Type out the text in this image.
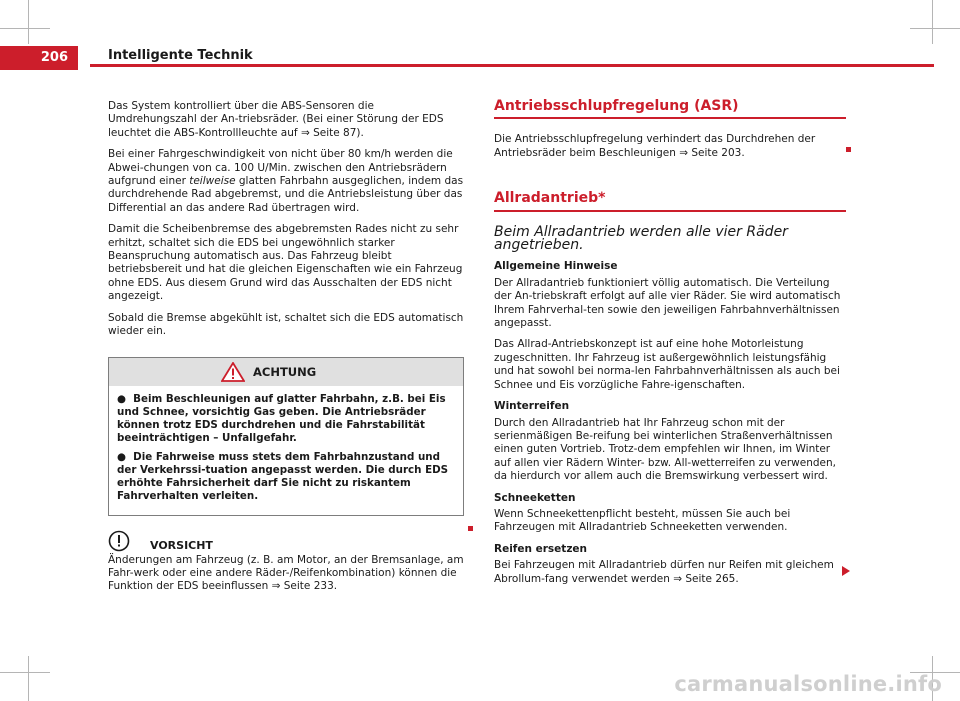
206	Intelligente Technik

Das System kontrolliert über die ABS-Sensoren die Umdrehungszahl der An-triebsräder. (Bei einer Störung der EDS leuchtet die ABS-Kontrollleuchte auf ⇒ Seite 87).

Bei einer Fahrgeschwindigkeit von nicht über 80 km/h werden die Abwei-chungen von ca. 100 U/Min. zwischen den Antriebsrädern aufgrund einer teilweise glatten Fahrbahn ausgeglichen, indem das durchdrehende Rad abgebremst, und die Antriebsleistung über das Differential an das andere Rad übertragen wird.

Damit die Scheibenbremse des abgebremsten Rades nicht zu sehr erhitzt, schaltet sich die EDS bei ungewöhnlich starker Beanspruchung automatisch aus. Das Fahrzeug bleibt betriebsbereit und hat die gleichen Eigenschaften wie ein Fahrzeug ohne EDS. Aus diesem Grund wird das Ausschalten der EDS nicht angezeigt.

Sobald die Bremse abgekühlt ist, schaltet sich die EDS automatisch wieder ein.

ACHTUNG

● Beim Beschleunigen auf glatter Fahrbahn, z.B. bei Eis und Schnee, vorsichtig Gas geben. Die Antriebsräder können trotz EDS durchdrehen und die Fahrstabilität beeinträchtigen – Unfallgefahr.

● Die Fahrweise muss stets dem Fahrbahnzustand und der Verkehrssi-tuation angepasst werden. Die durch EDS erhöhte Fahrsicherheit darf Sie nicht zu riskantem Fahrverhalten verleiten.

VORSICHT

Änderungen am Fahrzeug (z. B. am Motor, an der Bremsanlage, am Fahr-werk oder eine andere Räder-/Reifenkombination) können die Funktion der EDS beeinflussen ⇒ Seite 233.

Antriebsschlupfregelung (ASR)

Die Antriebsschlupfregelung verhindert das Durchdrehen der Antriebsräder beim Beschleunigen ⇒ Seite 203.

Allradantrieb*

Beim Allradantrieb werden alle vier Räder angetrieben.

Allgemeine Hinweise

Der Allradantrieb funktioniert völlig automatisch. Die Verteilung der An-triebskraft erfolgt auf alle vier Räder. Sie wird automatisch Ihrem Fahrverhal-ten sowie den jeweiligen Fahrbahnverhältnissen angepasst.

Das Allrad-Antriebskonzept ist auf eine hohe Motorleistung zugeschnitten. Ihr Fahrzeug ist außergewöhnlich leistungsfähig und hat sowohl bei norma-len Fahrbahnverhältnissen als auch bei Schnee und Eis vorzügliche Fahre-igenschaften.

Winterreifen

Durch den Allradantrieb hat Ihr Fahrzeug schon mit der serienmäßigen Be-reifung bei winterlichen Straßenverhältnissen einen guten Vortrieb. Trotz-dem empfehlen wir Ihnen, im Winter auf allen vier Rädern Winter- bzw. All-wetterreifen zu verwenden, da hierdurch vor allem auch die Bremswirkung verbessert wird.

Schneeketten

Wenn Schneekettenpflicht besteht, müssen Sie auch bei Fahrzeugen mit Allradantrieb Schneeketten verwenden.

Reifen ersetzen

Bei Fahrzeugen mit Allradantrieb dürfen nur Reifen mit gleichem Abrollum-fang verwendet werden ⇒ Seite 265.

carmanualsonline.info
